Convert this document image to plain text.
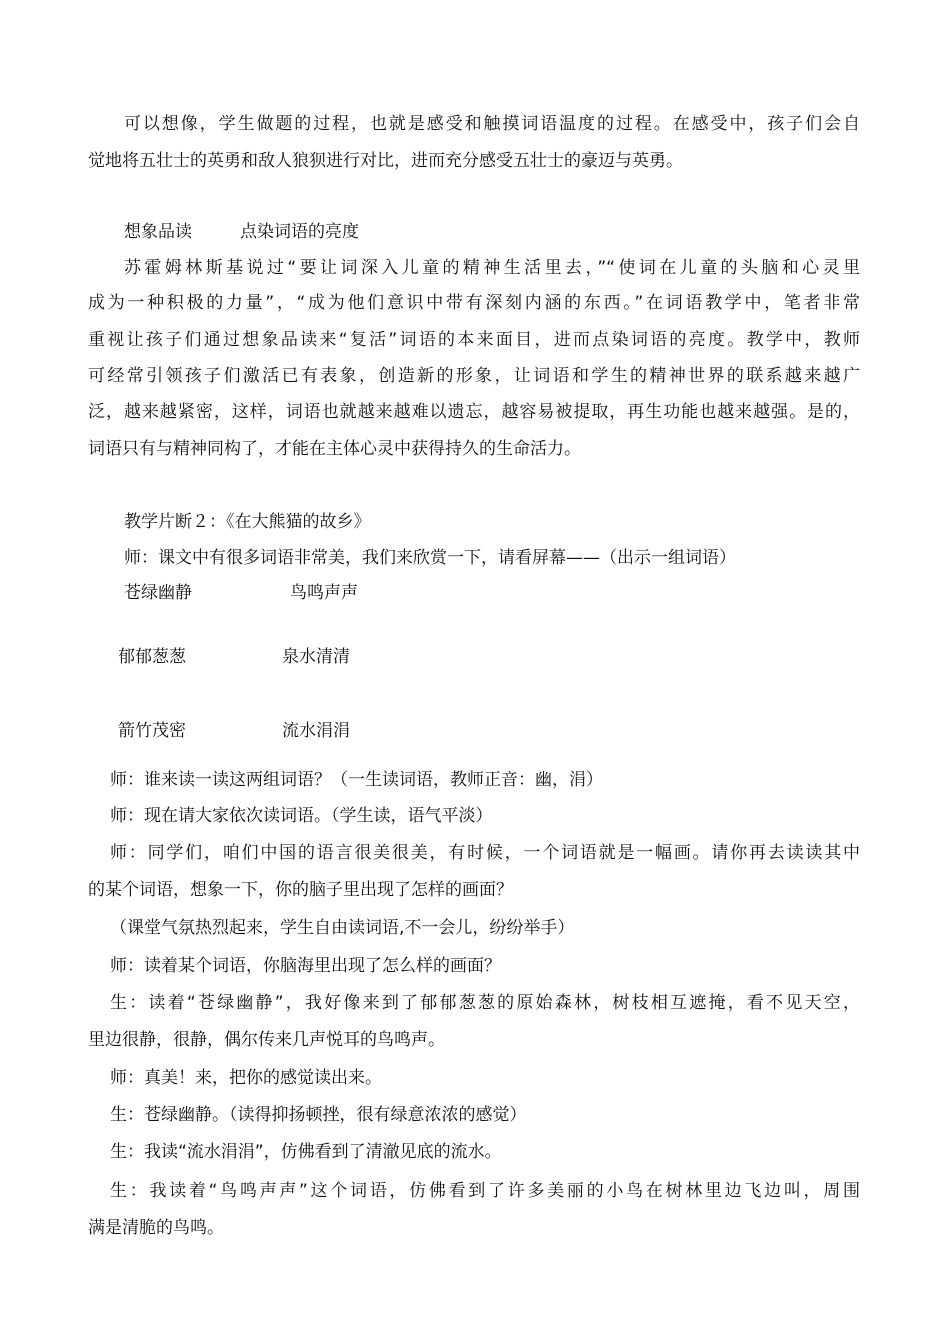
可以想像，学生做题的过程，也就是感受和触摸词语温度的过程。在感受中，孩子们会自
觉地将五壮士的英勇和敌人狼狈进行对比，进而充分感受五壮士的豪迈与英勇。
想象品读	点染词语的亮度
苏霍姆林斯基说过“要让词深入儿童的精神生活里去，”“使词在儿童的头脑和心灵里
成为一种积极的力量”，“成为他们意识中带有深刻内涵的东西。”在词语教学中，笔者非常
重视让孩子们通过想象品读来“复活”词语的本来面目，进而点染词语的亮度。教学中，教师
可经常引领孩子们激活已有表象，创造新的形象，让词语和学生的精神世界的联系越来越广
泛，越来越紧密，这样，词语也就越来越难以遗忘，越容易被提取，再生功能也越来越强。是的，
词语只有与精神同构了，才能在主体心灵中获得持久的生命活力。
教学片断２：《在大熊猫的故乡》
师：课文中有很多词语非常美，我们来欣赏一下，请看屏幕——（出示一组词语）
苍绿幽静	鸟鸣声声
郁郁葱葱	泉水清清
箭竹茂密	流水涓涓
师：谁来读一读这两组词语？（一生读词语，教师正音：幽，涓）
师：现在请大家依次读词语。（学生读，语气平淡）
师：同学们，咱们中国的语言很美很美，有时候，一个词语就是一幅画。请你再去读读其中
的某个词语，想象一下，你的脑子里出现了怎样的画面？
（课堂气氛热烈起来，学生自由读词语,不一会儿，纷纷举手）
师：读着某个词语，你脑海里出现了怎么样的画面？
生：读着“苍绿幽静”，我好像来到了郁郁葱葱的原始森林，树枝相互遮掩，看不见天空，
里边很静，很静，偶尔传来几声悦耳的鸟鸣声。
师：真美！来，把你的感觉读出来。
生：苍绿幽静。（读得抑扬顿挫，很有绿意浓浓的感觉）
生：我读“流水涓涓”，仿佛看到了清澈见底的流水。
生：我读着“鸟鸣声声”这个词语，仿佛看到了许多美丽的小鸟在树林里边飞边叫，周围
满是清脆的鸟鸣。
